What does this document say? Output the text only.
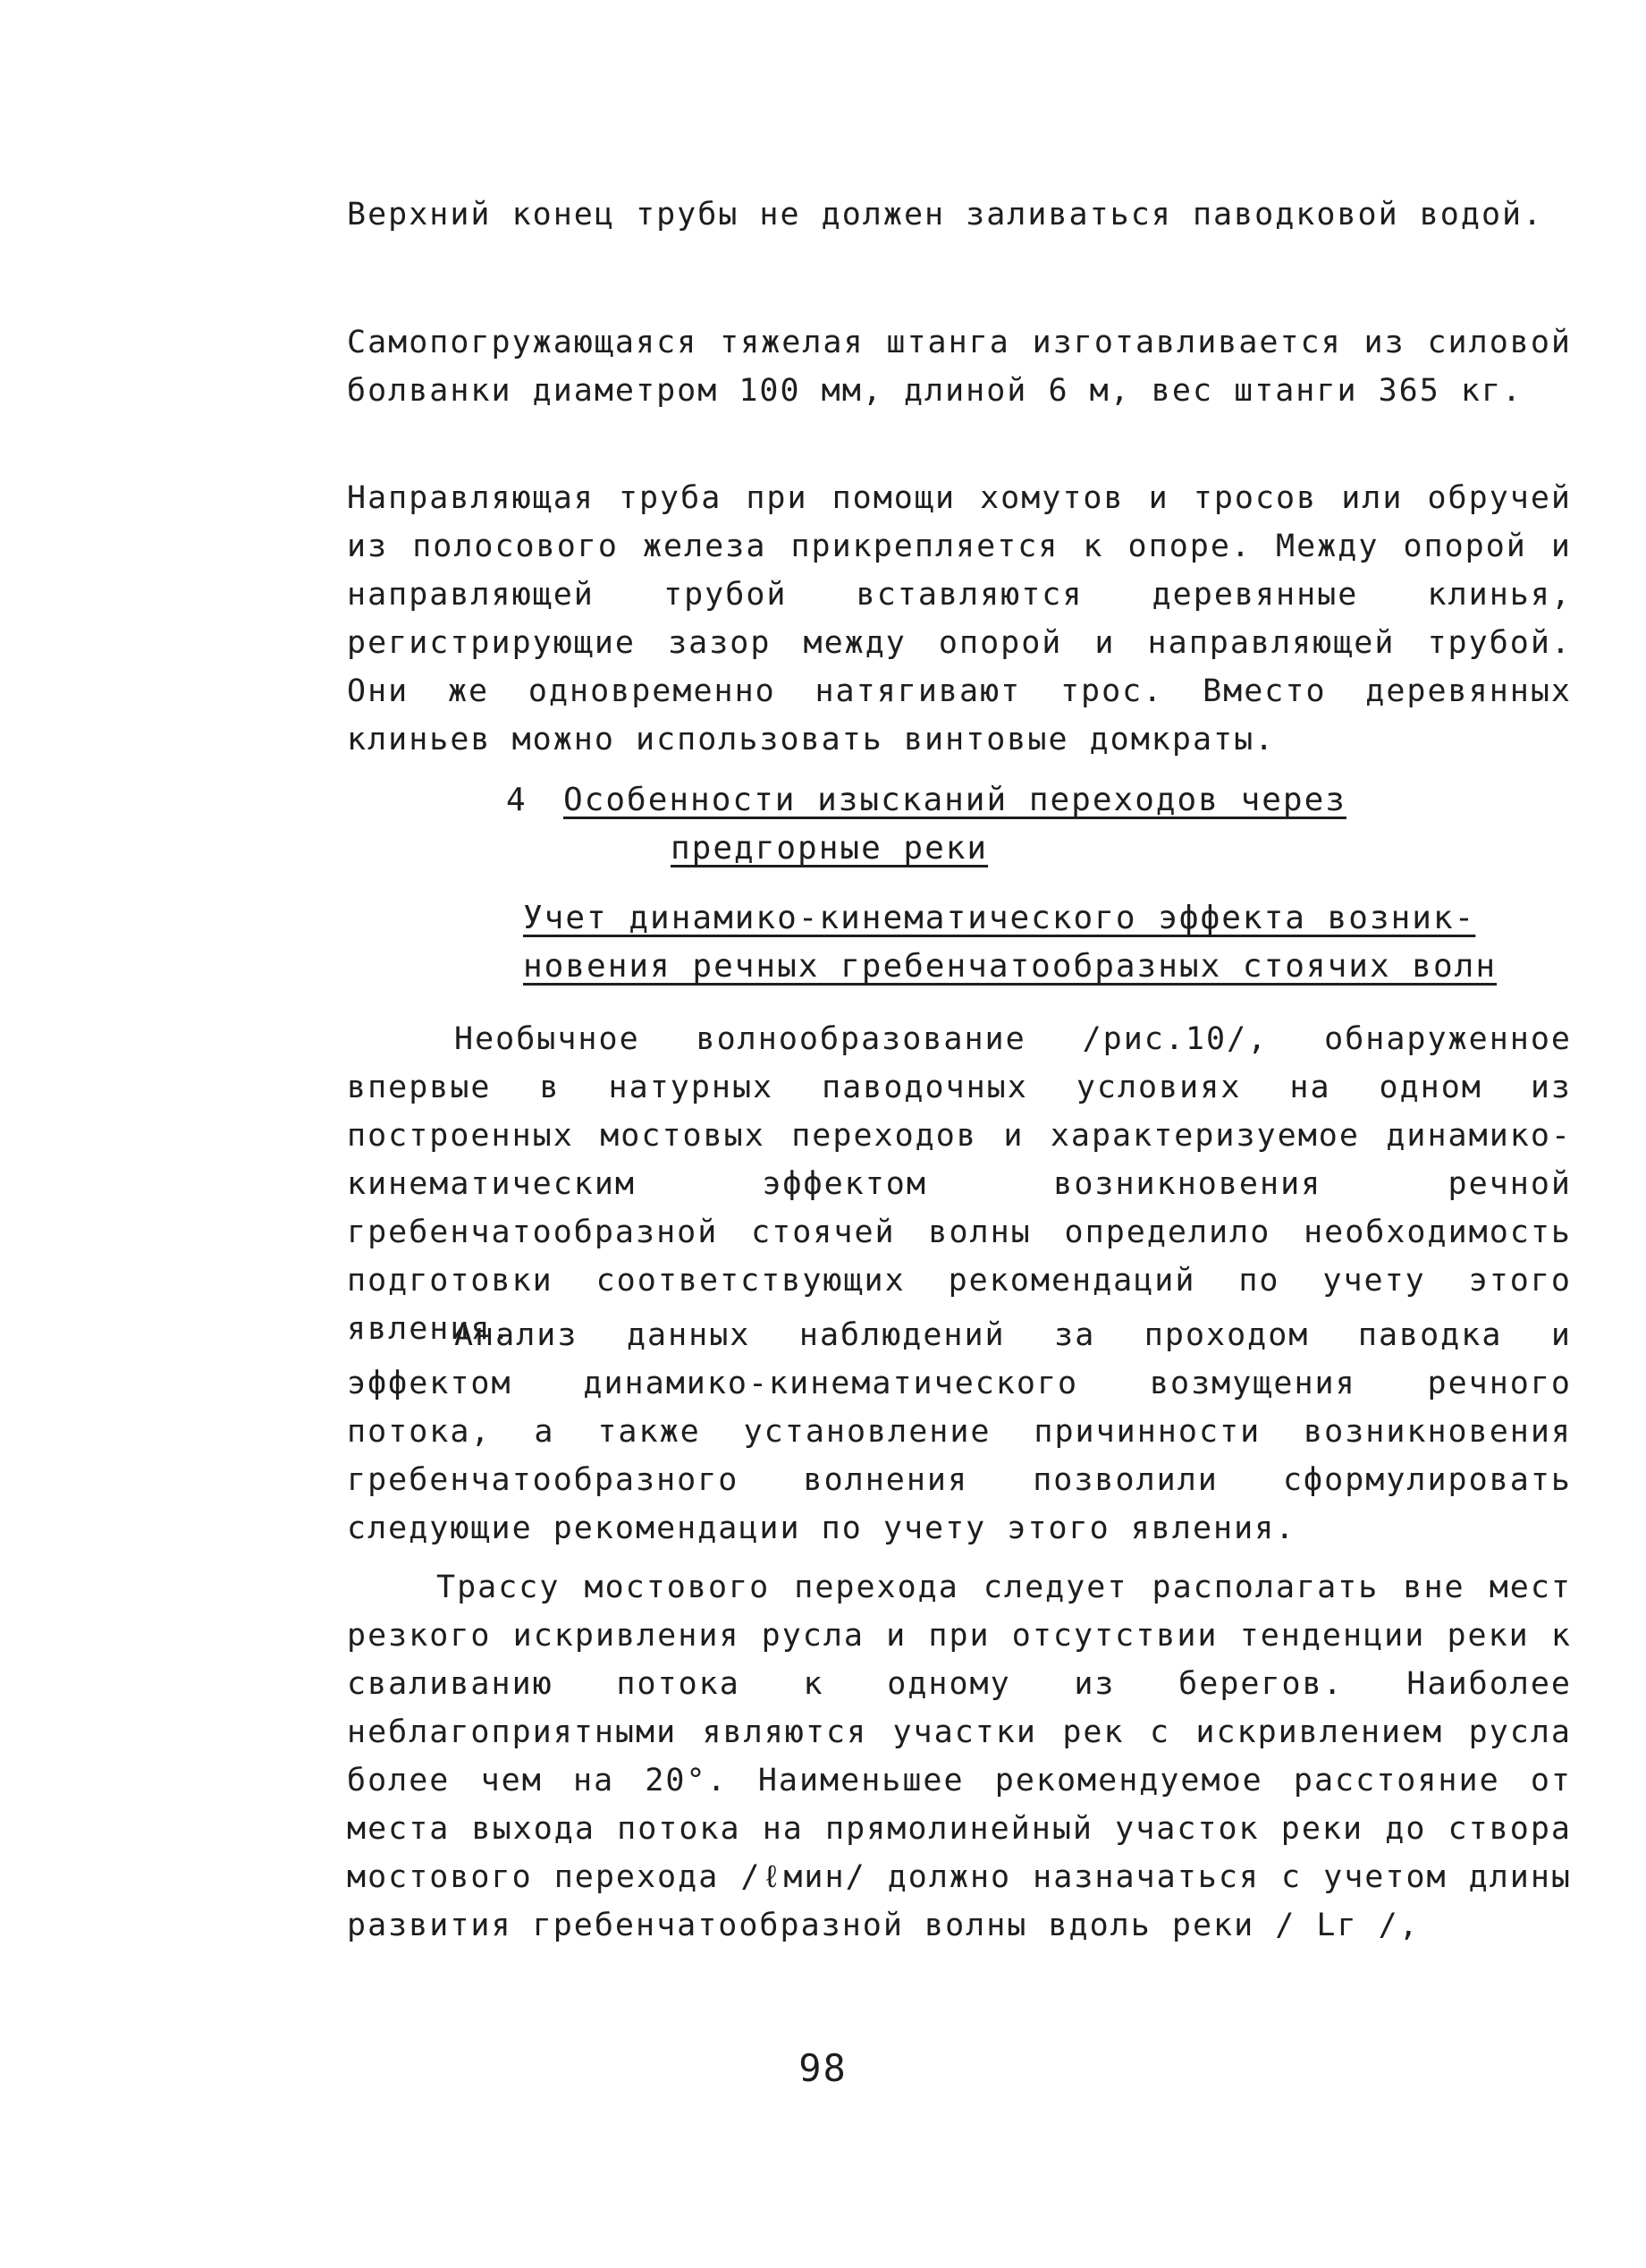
Верхний конец трубы не должен заливаться паводковой водой.

Самопогружающаяся тяжелая штанга изготавливается из силовой болванки диаметром 100 мм, длиной 6 м, вес штанги 365 кг.

Направляющая труба при помощи хомутов и тросов или обручей из полосового железа прикрепляется к опоре. Между опорой и направляющей трубой вставляются деревянные клинья, регистрирующие зазор между опорой и направляющей трубой. Они же одновременно натягивают трос. Вместо деревянных клиньев можно использовать винтовые домкраты.

4 Особенности изысканий переходов через
предгорные реки
Учет динамико-кинематического эффекта возник-
новения речных гребенчатообразных стоячих волн

Необычное волнообразование /рис.10/, обнаруженное впервые в натурных паводочных условиях на одном из построенных мостовых переходов и характеризуемое динамико-кинематическим эффектом возникновения речной гребенчатообразной стоячей волны определило необходимость подготовки соответствующих рекомендаций по учету этого явления.

Анализ данных наблюдений за проходом паводка и эффектом динамико-кинематического возмущения речного потока, а также установление причинности возникновения гребенчатообразного волнения позволили сформулировать следующие рекомендации по учету этого явления.

Трассу мостового перехода следует располагать вне мест резкого искривления русла и при отсутствии тенденции реки к сваливанию потока к одному из берегов. Наиболее неблагоприятными являются участки рек с искривлением русла более чем на 20°. Наименьшее рекомендуемое расстояние от места выхода потока на прямолинейный участок реки до створа мостового перехода /ℓмин/ должно назначаться с учетом длины развития гребенчатообразной волны вдоль реки / Lг /,

98
